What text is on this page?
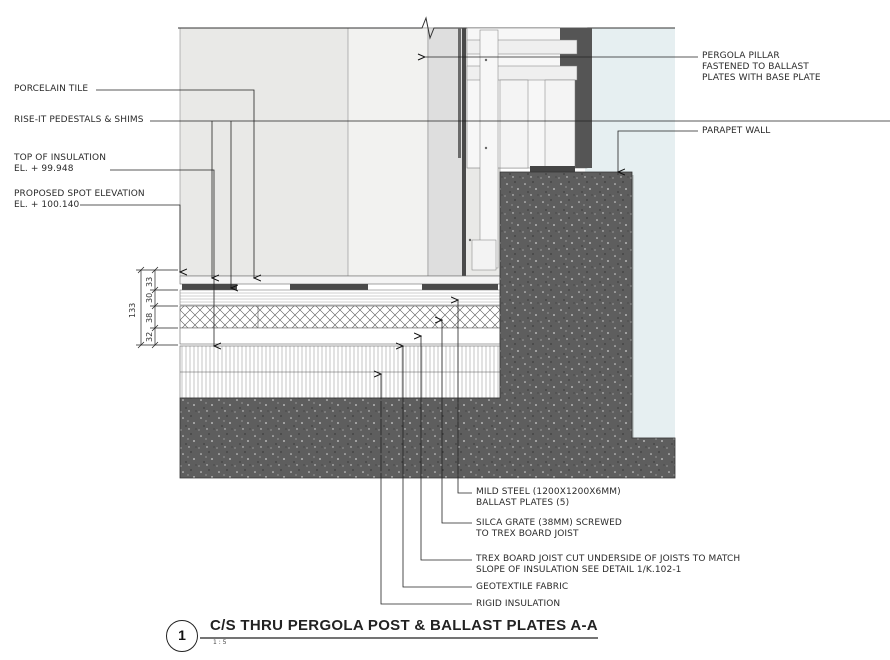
PORCELAIN TILE
RISE-IT PEDESTALS & SHIMS
TOP OF INSULATION
EL. + 99.948
PROPOSED SPOT ELEVATION
EL. + 100.140
PERGOLA PILLAR
FASTENED TO BALLAST
PLATES WITH BASE PLATE
PARAPET WALL
MILD STEEL (1200X1200X6MM)
BALLAST PLATES (5)
SILCA GRATE (38MM) SCREWED
TO TREX BOARD JOIST
TREX BOARD JOIST CUT UNDERSIDE OF JOISTS TO MATCH
SLOPE OF INSULATION SEE DETAIL 1/K.102-1
GEOTEXTILE FABRIC
RIGID INSULATION
133
33
30
38
32
1
C/S THRU PERGOLA POST & BALLAST PLATES A-A
1 : 5
